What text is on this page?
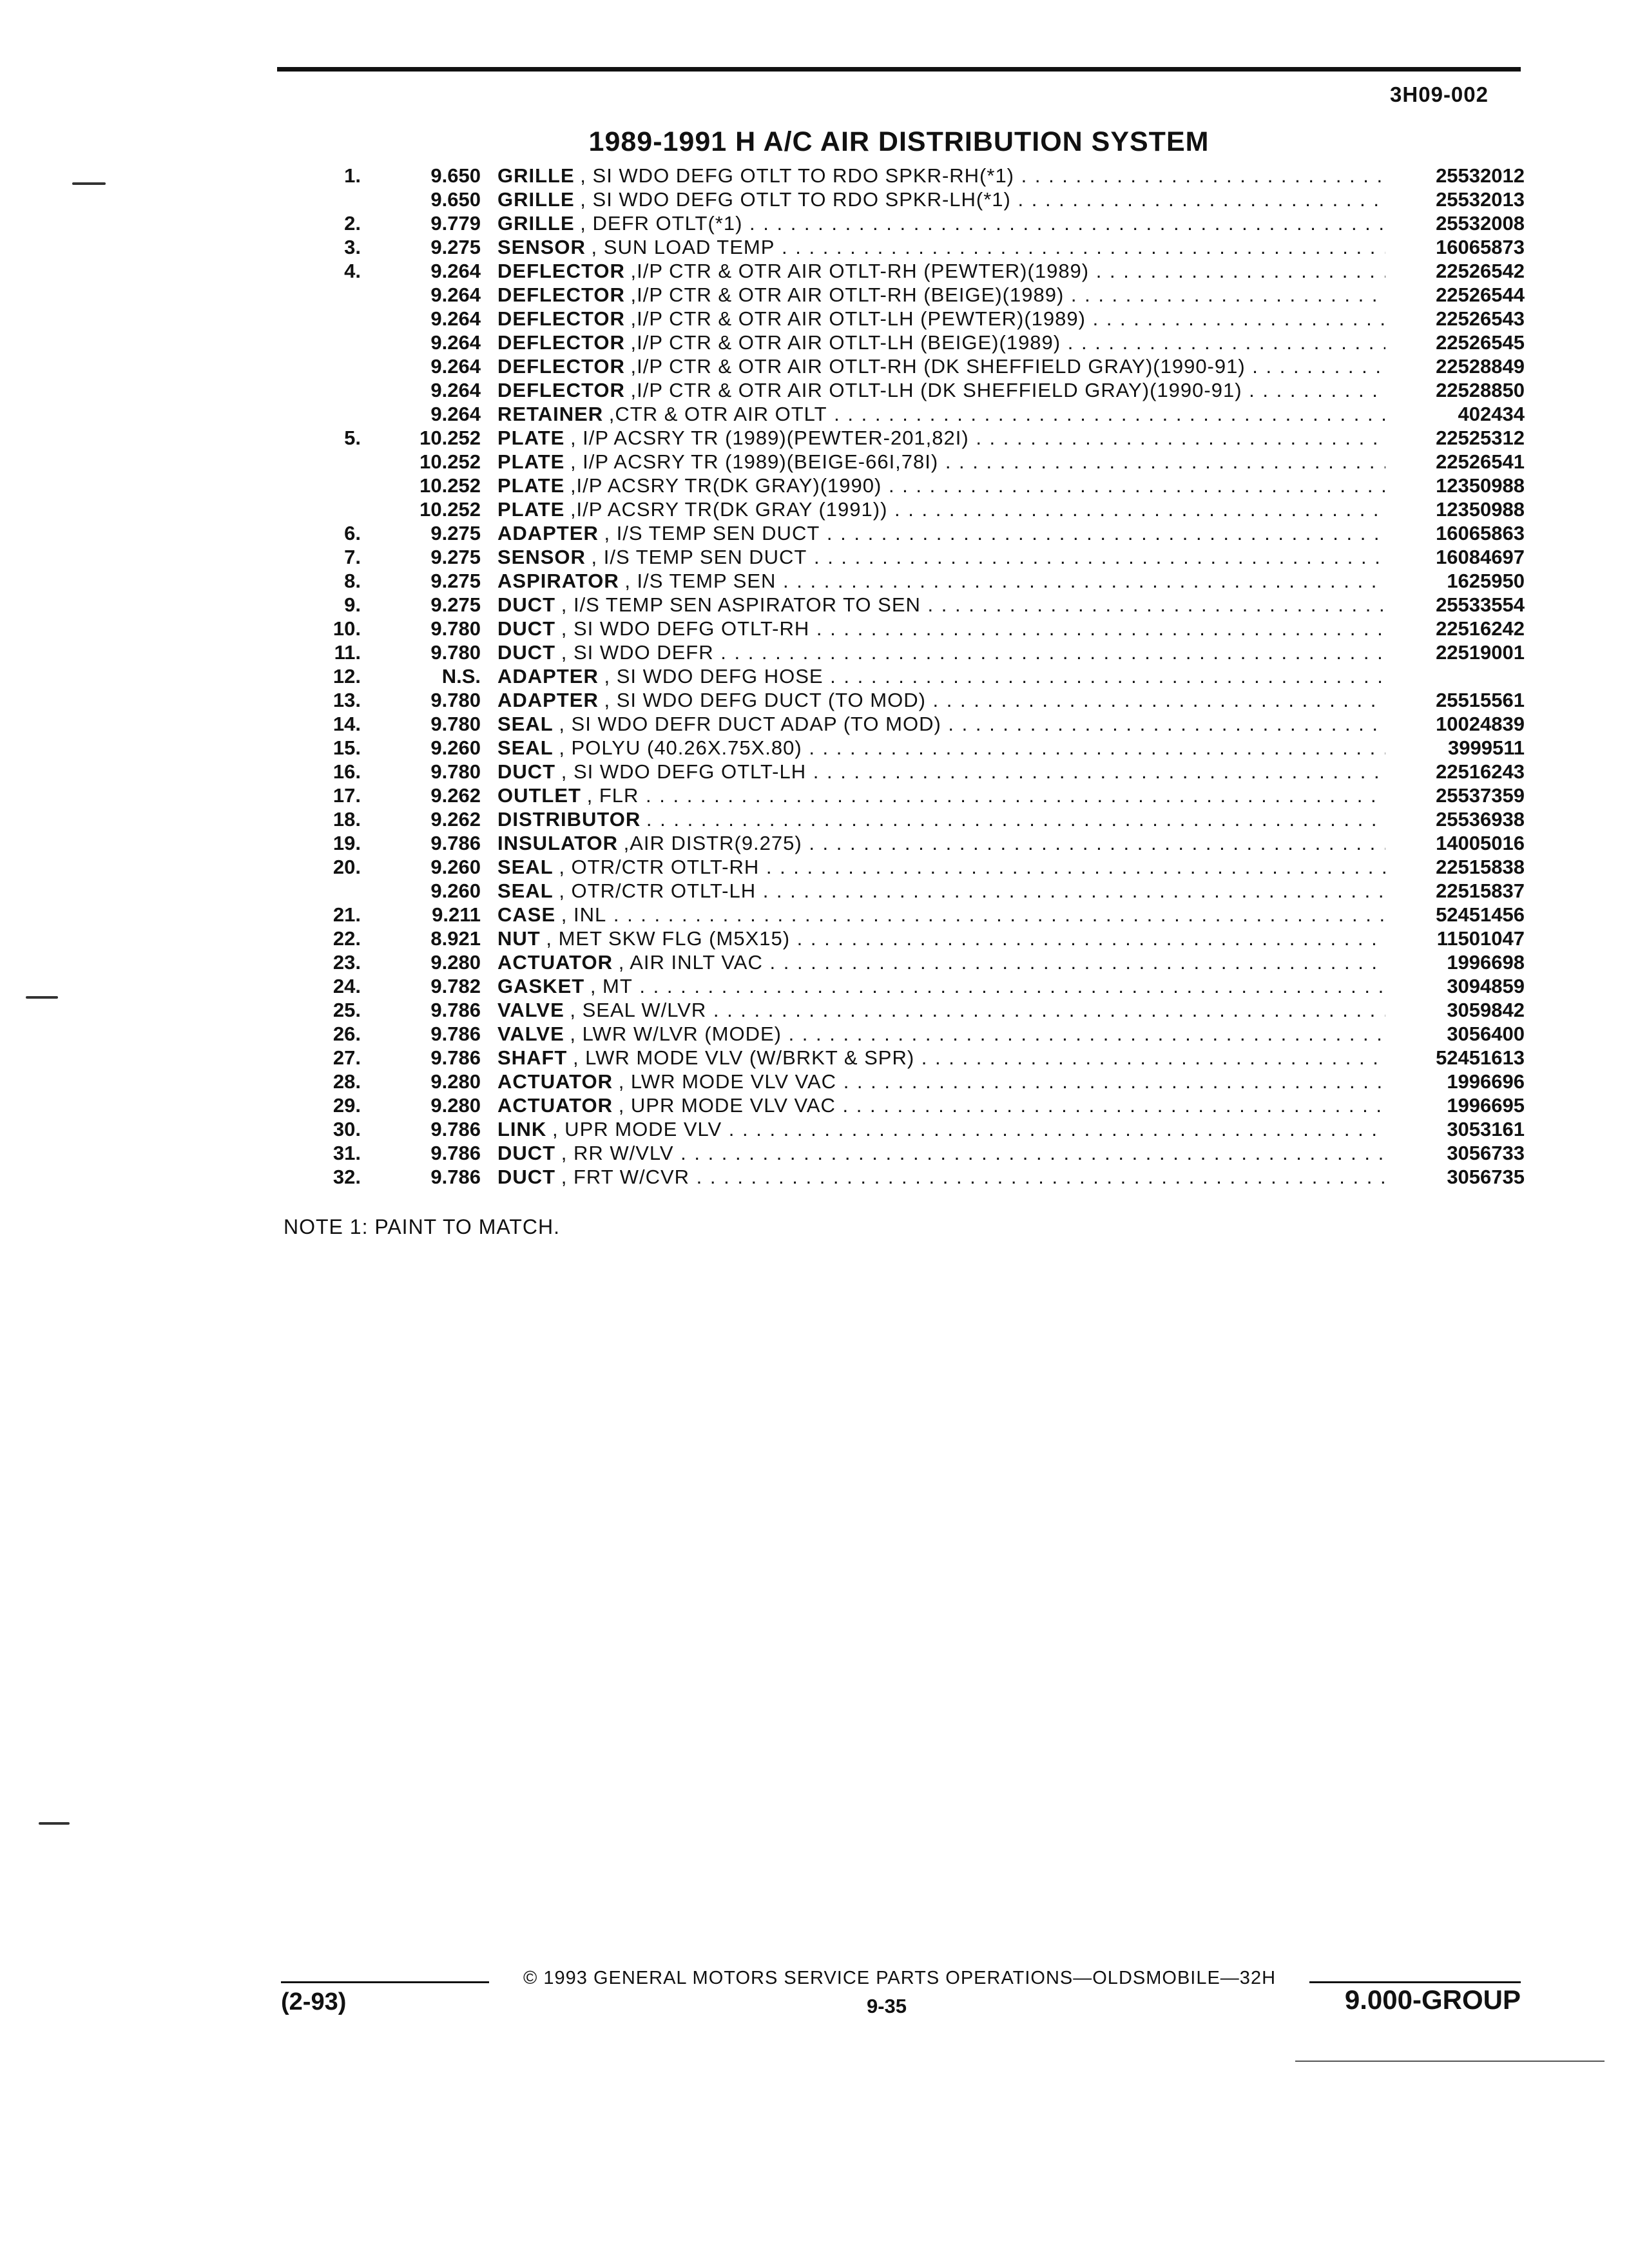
3H09-002
1989-1991 H A/C AIR DISTRIBUTION SYSTEM
1.	9.650 GRILLE , SI WDO DEFG OTLT TO RDO SPKR-RH(*1) . . .	25532012
9.650 GRILLE , SI WDO DEFG OTLT TO RDO SPKR-LH(*1) . . .	25532013
2.	9.779 GRILLE , DEFR OTLT(*1) . . .	25532008
3.	9.275 SENSOR , SUN LOAD TEMP . . .	16065873
4.	9.264 DEFLECTOR ,I/P CTR & OTR AIR OTLT-RH (PEWTER)(1989) . . .	22526542
9.264 DEFLECTOR ,I/P CTR & OTR AIR OTLT-RH (BEIGE)(1989) . . .	22526544
9.264 DEFLECTOR ,I/P CTR & OTR AIR OTLT-LH (PEWTER)(1989) . . .	22526543
9.264 DEFLECTOR ,I/P CTR & OTR AIR OTLT-LH (BEIGE)(1989) . . .	22526545
9.264 DEFLECTOR ,I/P CTR & OTR AIR OTLT-RH (DK SHEFFIELD GRAY)(1990-91) . . .	22528849
9.264 DEFLECTOR ,I/P CTR & OTR AIR OTLT-LH (DK SHEFFIELD GRAY)(1990-91) . . .	22528850
9.264 RETAINER ,CTR & OTR AIR OTLT . . .	402434
5.	10.252 PLATE , I/P ACSRY TR (1989)(PEWTER-201,82I) . . .	22525312
10.252 PLATE , I/P ACSRY TR (1989)(BEIGE-66I,78I) . . .	22526541
10.252 PLATE ,I/P ACSRY TR(DK GRAY)(1990) . . .	12350988
10.252 PLATE ,I/P ACSRY TR(DK GRAY (1991)) . . .	12350988
6.	9.275 ADAPTER , I/S TEMP SEN DUCT . . .	16065863
7.	9.275 SENSOR , I/S TEMP SEN DUCT . . .	16084697
8.	9.275 ASPIRATOR , I/S TEMP SEN . . .	1625950
9.	9.275 DUCT , I/S TEMP SEN ASPIRATOR TO SEN . . .	25533554
10.	9.780 DUCT , SI WDO DEFG OTLT-RH . . .	22516242
11.	9.780 DUCT , SI WDO DEFR . . .	22519001
12.	N.S. ADAPTER , SI WDO DEFG HOSE . . .
13.	9.780 ADAPTER , SI WDO DEFG DUCT (TO MOD) . . .	25515561
14.	9.780 SEAL , SI WDO DEFR DUCT ADAP (TO MOD) . . .	10024839
15.	9.260 SEAL , POLYU (40.26X.75X.80) . . .	3999511
16.	9.780 DUCT , SI WDO DEFG OTLT-LH . . .	22516243
17.	9.262 OUTLET , FLR . . .	25537359
18.	9.262 DISTRIBUTOR . . .	25536938
19.	9.786 INSULATOR ,AIR DISTR(9.275) . . .	14005016
20.	9.260 SEAL , OTR/CTR OTLT-RH . . .	22515838
9.260 SEAL , OTR/CTR OTLT-LH . . .	22515837
21.	9.211 CASE , INL . . .	52451456
22.	8.921 NUT , MET SKW FLG (M5X15) . . .	11501047
23.	9.280 ACTUATOR , AIR INLT VAC . . .	1996698
24.	9.782 GASKET , MT . . .	3094859
25.	9.786 VALVE , SEAL W/LVR . . .	3059842
26.	9.786 VALVE , LWR W/LVR (MODE) . . .	3056400
27.	9.786 SHAFT , LWR MODE VLV (W/BRKT & SPR) . . .	52451613
28.	9.280 ACTUATOR , LWR MODE VLV VAC . . .	1996696
29.	9.280 ACTUATOR , UPR MODE VLV VAC . . .	1996695
30.	9.786 LINK , UPR MODE VLV . . .	3053161
31.	9.786 DUCT , RR W/VLV . . .	3056733
32.	9.786 DUCT , FRT W/CVR . . .	3056735
NOTE 1: PAINT TO MATCH.
© 1993 GENERAL MOTORS SERVICE PARTS OPERATIONS—OLDSMOBILE—32H
(2-93)	9-35	9.000-GROUP
